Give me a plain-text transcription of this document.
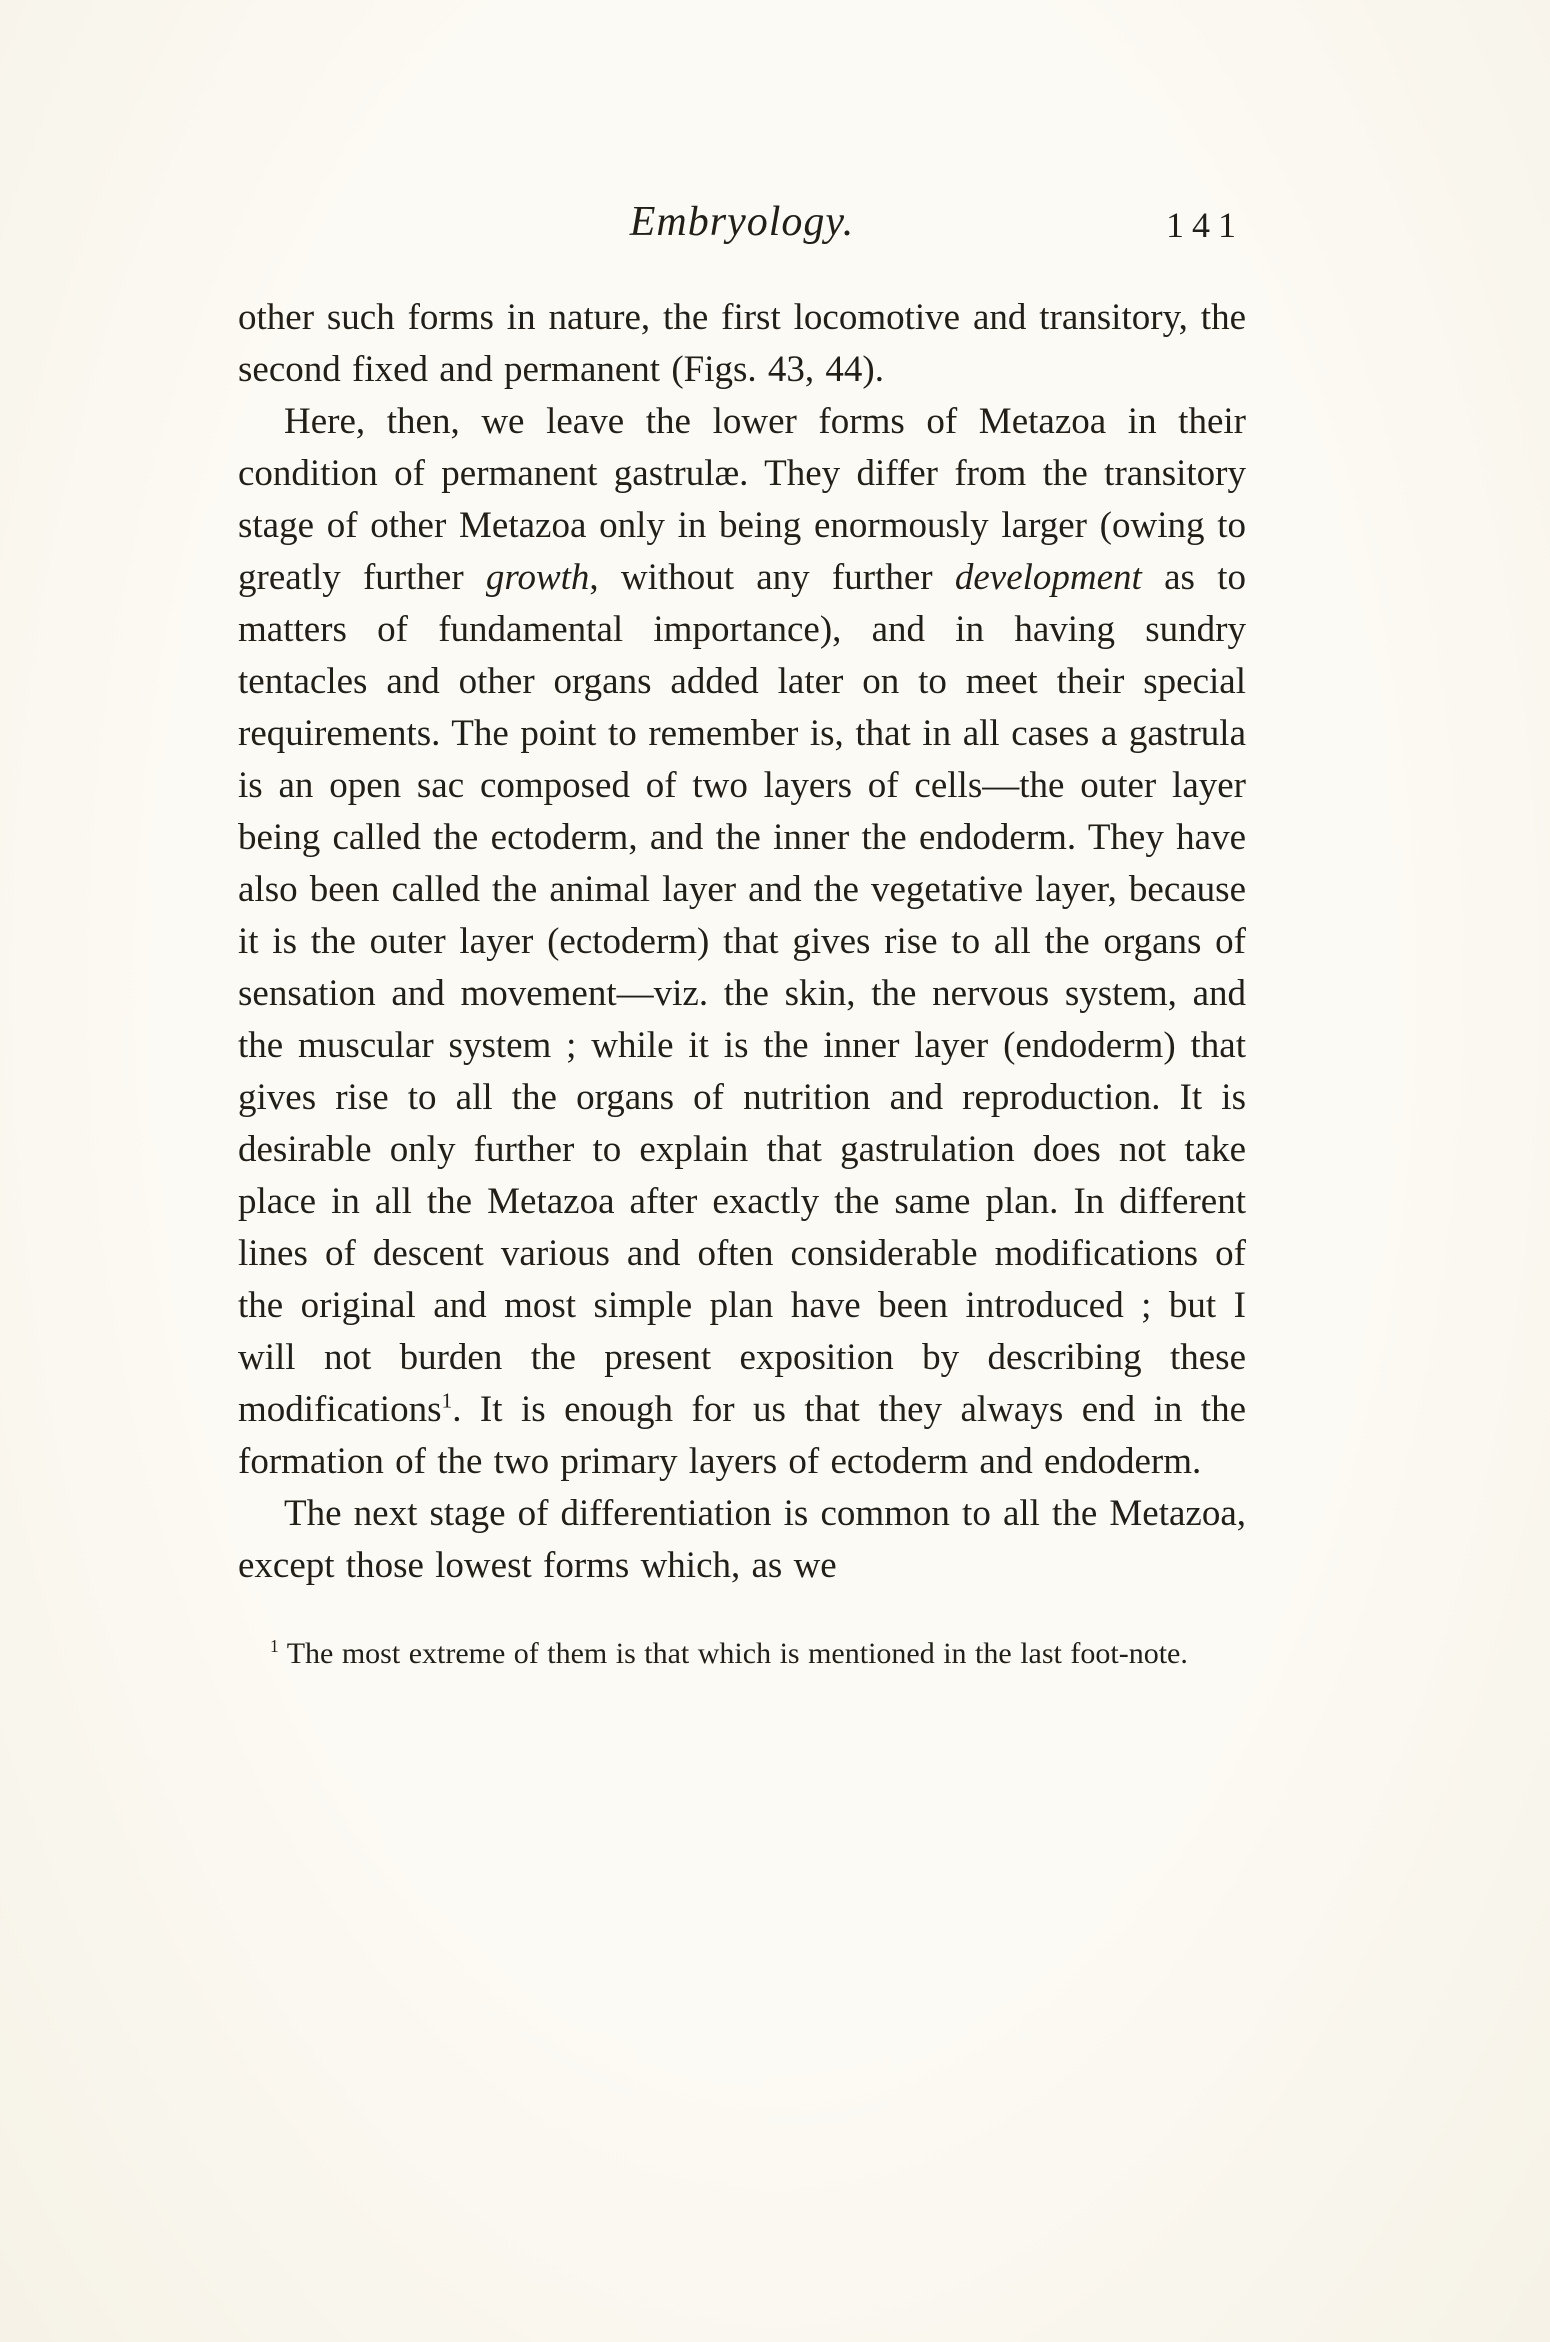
Embryology.	141

other such forms in nature, the first locomotive and transitory, the second fixed and permanent (Figs. 43, 44).

Here, then, we leave the lower forms of Metazoa in their condition of permanent gastrulæ. They differ from the transitory stage of other Metazoa only in being enormously larger (owing to greatly further growth, without any further development as to matters of fundamental importance), and in having sundry tentacles and other organs added later on to meet their special requirements. The point to remember is, that in all cases a gastrula is an open sac composed of two layers of cells—the outer layer being called the ectoderm, and the inner the endoderm. They have also been called the animal layer and the vegetative layer, because it is the outer layer (ectoderm) that gives rise to all the organs of sensation and movement—viz. the skin, the nervous system, and the muscular system ; while it is the inner layer (endoderm) that gives rise to all the organs of nutrition and reproduction. It is desirable only further to explain that gastrulation does not take place in all the Metazoa after exactly the same plan. In different lines of descent various and often considerable modifications of the original and most simple plan have been introduced ; but I will not burden the present exposition by describing these modifications$^1$. It is enough for us that they always end in the formation of the two primary layers of ectoderm and endoderm.

The next stage of differentiation is common to all the Metazoa, except those lowest forms which, as we

$^1$ The most extreme of them is that which is mentioned in the last foot-note.
